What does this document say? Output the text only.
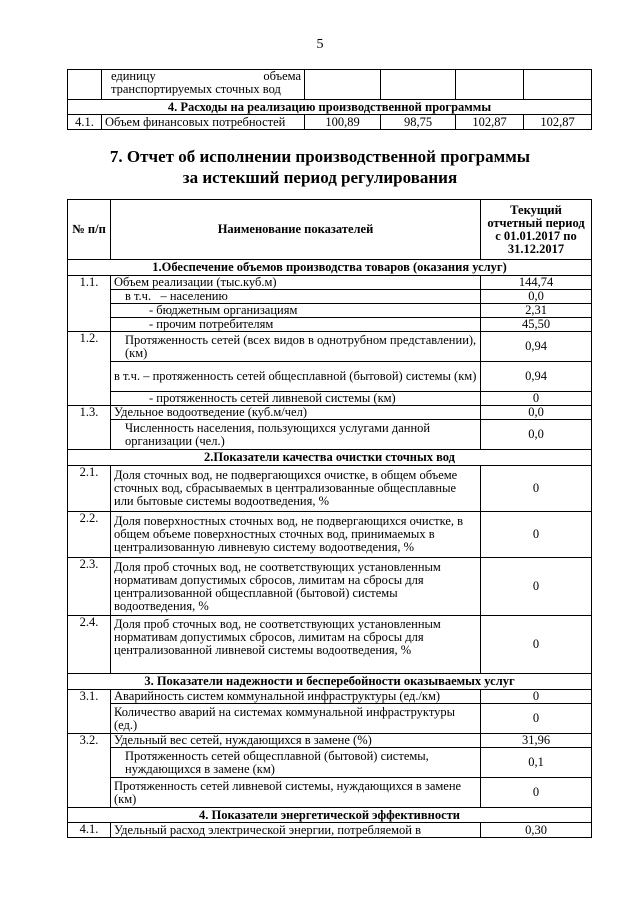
5

	единицу объема
транспортируемых сточных вод				

4. Расходы на реализацию производственной программы					
4.1.	Объем финансовых потребностей	100,89	98,75	102,87	102,87
7. Отчет об исполнении производственной программы
за истекший период регулирования
№ п/п	Наименование показателей	Текущий отчетный период с 01.01.2017 по 31.12.2017
1.Обеспечение объемов производства товаров (оказания услуг)		
1.1.	Объем реализации (тыс.куб.м)	144,74
	в т.ч. – населению	0,0
	- бюджетным организациям	2,31
	- прочим потребителям	45,50
1.2.	Протяженность сетей (всех видов в однотрубном представлении), (км)	0,94
	в т.ч. – протяженность сетей общесплавной (бытовой) системы (км)	0,94
	- протяженность сетей ливневой системы (км)	0
1.3.	Удельное водоотведение (куб.м/чел)	0,0
	Численность населения, пользующихся услугами данной организации (чел.)	0,0
2.Показатели качества очистки сточных вод		
2.1.	Доля сточных вод, не подвергающихся очистке, в общем объеме сточных вод, сбрасываемых в централизованные общесплавные или бытовые системы водоотведения, %	0
2.2.	Доля поверхностных сточных вод, не подвергающихся очистке, в общем объеме поверхностных сточных вод, принимаемых в централизованную ливневую систему водоотведения, %	0
2.3.	Доля проб сточных вод, не соответствующих установленным нормативам допустимых сбросов, лимитам на сбросы для централизованной общесплавной (бытовой) системы водоотведения, %	0
2.4.	Доля проб сточных вод, не соответствующих установленным нормативам допустимых сбросов, лимитам на сбросы для централизованной ливневой системы водоотведения, %	0
3. Показатели надежности и бесперебойности оказываемых услуг		
3.1.	Аварийность систем коммунальной инфраструктуры (ед./км)	0
	Количество аварий на системах коммунальной инфраструктуры (ед.)	0
3.2.	Удельный вес сетей, нуждающихся в замене (%)	31,96
	Протяженность сетей общесплавной (бытовой) системы, нуждающихся в замене (км)	0,1
	Протяженность сетей ливневой системы, нуждающихся в замене (км)	0
4. Показатели энергетической эффективности		
4.1.	Удельный расход электрической энергии, потребляемой в	0,30
